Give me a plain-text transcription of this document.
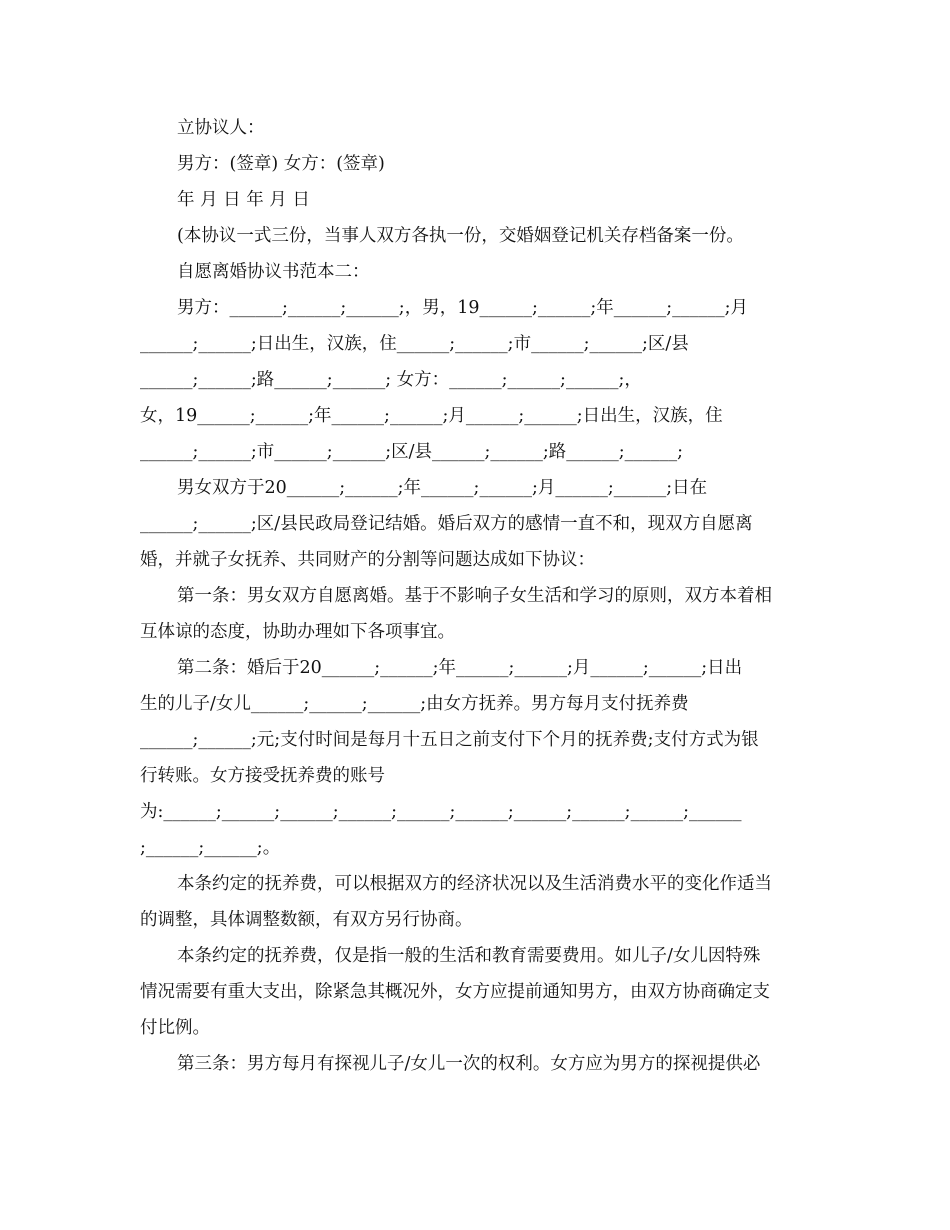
立协议人：
男方：(签章) 女方：(签章)
年 月 日 年 月 日
(本协议一式三份，当事人双方各执一份，交婚姻登记机关存档备案一份。
自愿离婚协议书范本二：
男方：______;______;______;，男，19______;______;年______;______;月
______;______;日出生，汉族，住______;______;市______;______;区/县
______;______;路______;______; 女方：______;______;______;，
女，19______;______;年______;______;月______;______;日出生，汉族，住
______;______;市______;______;区/县______;______;路______;______;
男女双方于20______;______;年______;______;月______;______;日在
______;______;区/县民政局登记结婚。婚后双方的感情一直不和，现双方自愿离
婚，并就子女抚养、共同财产的分割等问题达成如下协议：
第一条：男女双方自愿离婚。基于不影响子女生活和学习的原则，双方本着相
互体谅的态度，协助办理如下各项事宜。
第二条：婚后于20______;______;年______;______;月______;______;日出
生的儿子/女儿______;______;______;由女方抚养。男方每月支付抚养费
______;______;元;支付时间是每月十五日之前支付下个月的抚养费;支付方式为银
行转账。女方接受抚养费的账号
为:______;______;______;______;______;______;______;______;______;______
;______;______;。
本条约定的抚养费，可以根据双方的经济状况以及生活消费水平的变化作适当
的调整，具体调整数额，有双方另行协商。
本条约定的抚养费，仅是指一般的生活和教育需要费用。如儿子/女儿因特殊
情况需要有重大支出，除紧急其概况外，女方应提前通知男方，由双方协商确定支
付比例。
第三条：男方每月有探视儿子/女儿一次的权利。女方应为男方的探视提供必
